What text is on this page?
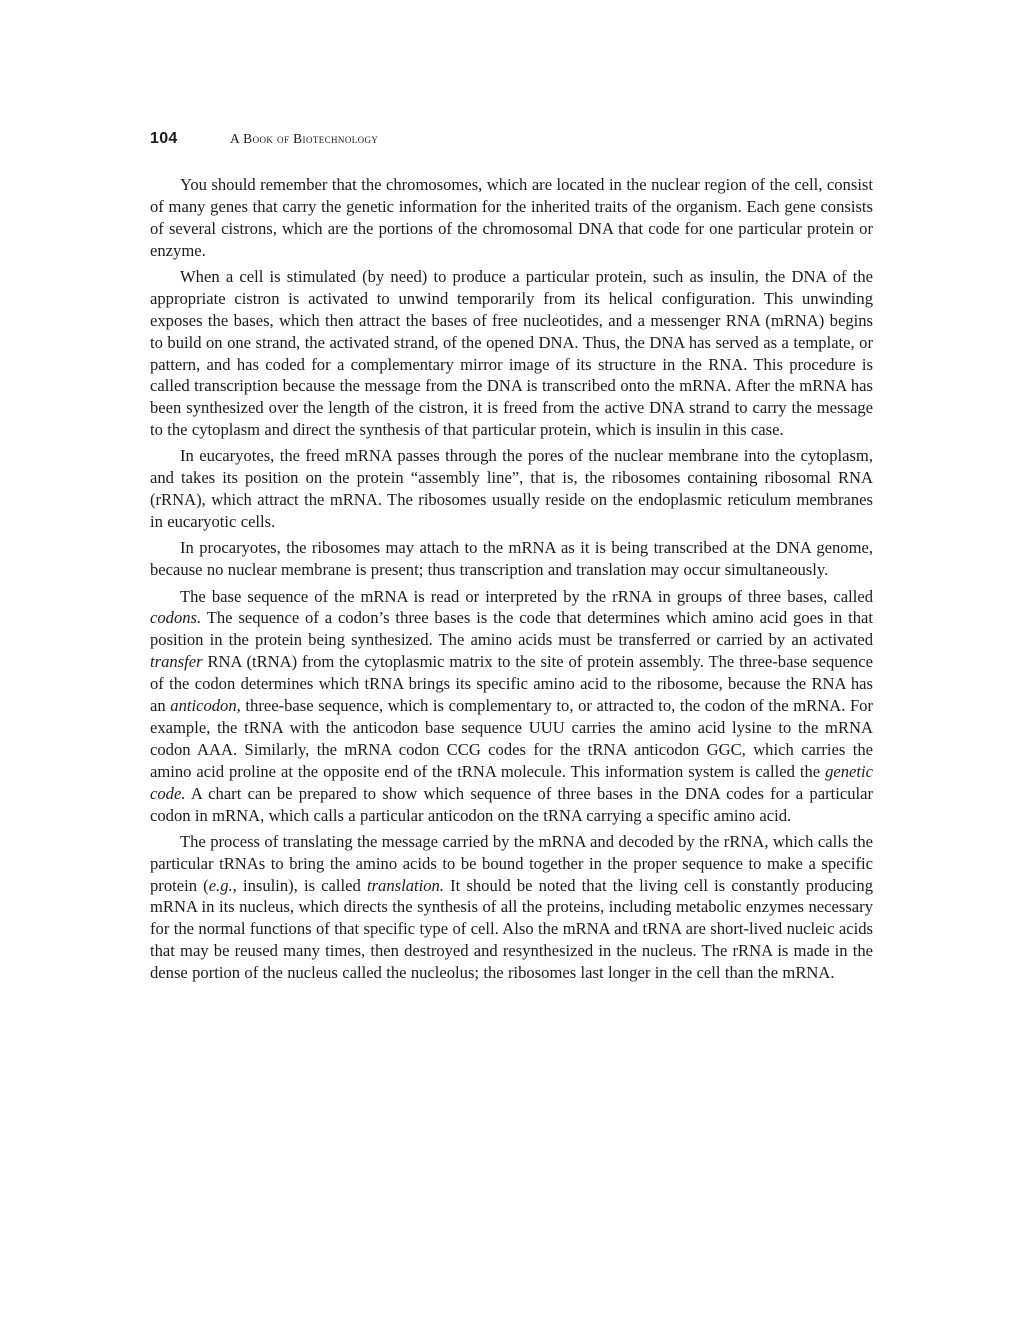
104	A Book of Biotechnology

You should remember that the chromosomes, which are located in the nuclear region of the cell, consist of many genes that carry the genetic information for the inherited traits of the organism. Each gene consists of several cistrons, which are the portions of the chromosomal DNA that code for one particular protein or enzyme.

When a cell is stimulated (by need) to produce a particular protein, such as insulin, the DNA of the appropriate cistron is activated to unwind temporarily from its helical configuration. This unwinding exposes the bases, which then attract the bases of free nucleotides, and a messenger RNA (mRNA) begins to build on one strand, the activated strand, of the opened DNA. Thus, the DNA has served as a template, or pattern, and has coded for a complementary mirror image of its structure in the RNA. This procedure is called transcription because the message from the DNA is transcribed onto the mRNA. After the mRNA has been synthesized over the length of the cistron, it is freed from the active DNA strand to carry the message to the cytoplasm and direct the synthesis of that particular protein, which is insulin in this case.

In eucaryotes, the freed mRNA passes through the pores of the nuclear membrane into the cytoplasm, and takes its position on the protein “assembly line”, that is, the ribosomes containing ribosomal RNA (rRNA), which attract the mRNA. The ribosomes usually reside on the endoplasmic reticulum membranes in eucaryotic cells.

In procaryotes, the ribosomes may attach to the mRNA as it is being transcribed at the DNA genome, because no nuclear membrane is present; thus transcription and translation may occur simultaneously.

The base sequence of the mRNA is read or interpreted by the rRNA in groups of three bases, called codons. The sequence of a codon’s three bases is the code that determines which amino acid goes in that position in the protein being synthesized. The amino acids must be transferred or carried by an activated transfer RNA (tRNA) from the cytoplasmic matrix to the site of protein assembly. The three-base sequence of the codon determines which tRNA brings its specific amino acid to the ribosome, because the RNA has an anticodon, three-base sequence, which is complementary to, or attracted to, the codon of the mRNA. For example, the tRNA with the anticodon base sequence UUU carries the amino acid lysine to the mRNA codon AAA. Similarly, the mRNA codon CCG codes for the tRNA anticodon GGC, which carries the amino acid proline at the opposite end of the tRNA molecule. This information system is called the genetic code. A chart can be prepared to show which sequence of three bases in the DNA codes for a particular codon in mRNA, which calls a particular anticodon on the tRNA carrying a specific amino acid.

The process of translating the message carried by the mRNA and decoded by the rRNA, which calls the particular tRNAs to bring the amino acids to be bound together in the proper sequence to make a specific protein (e.g., insulin), is called translation. It should be noted that the living cell is constantly producing mRNA in its nucleus, which directs the synthesis of all the proteins, including metabolic enzymes necessary for the normal functions of that specific type of cell. Also the mRNA and tRNA are short-lived nucleic acids that may be reused many times, then destroyed and resynthesized in the nucleus. The rRNA is made in the dense portion of the nucleus called the nucleolus; the ribosomes last longer in the cell than the mRNA.
